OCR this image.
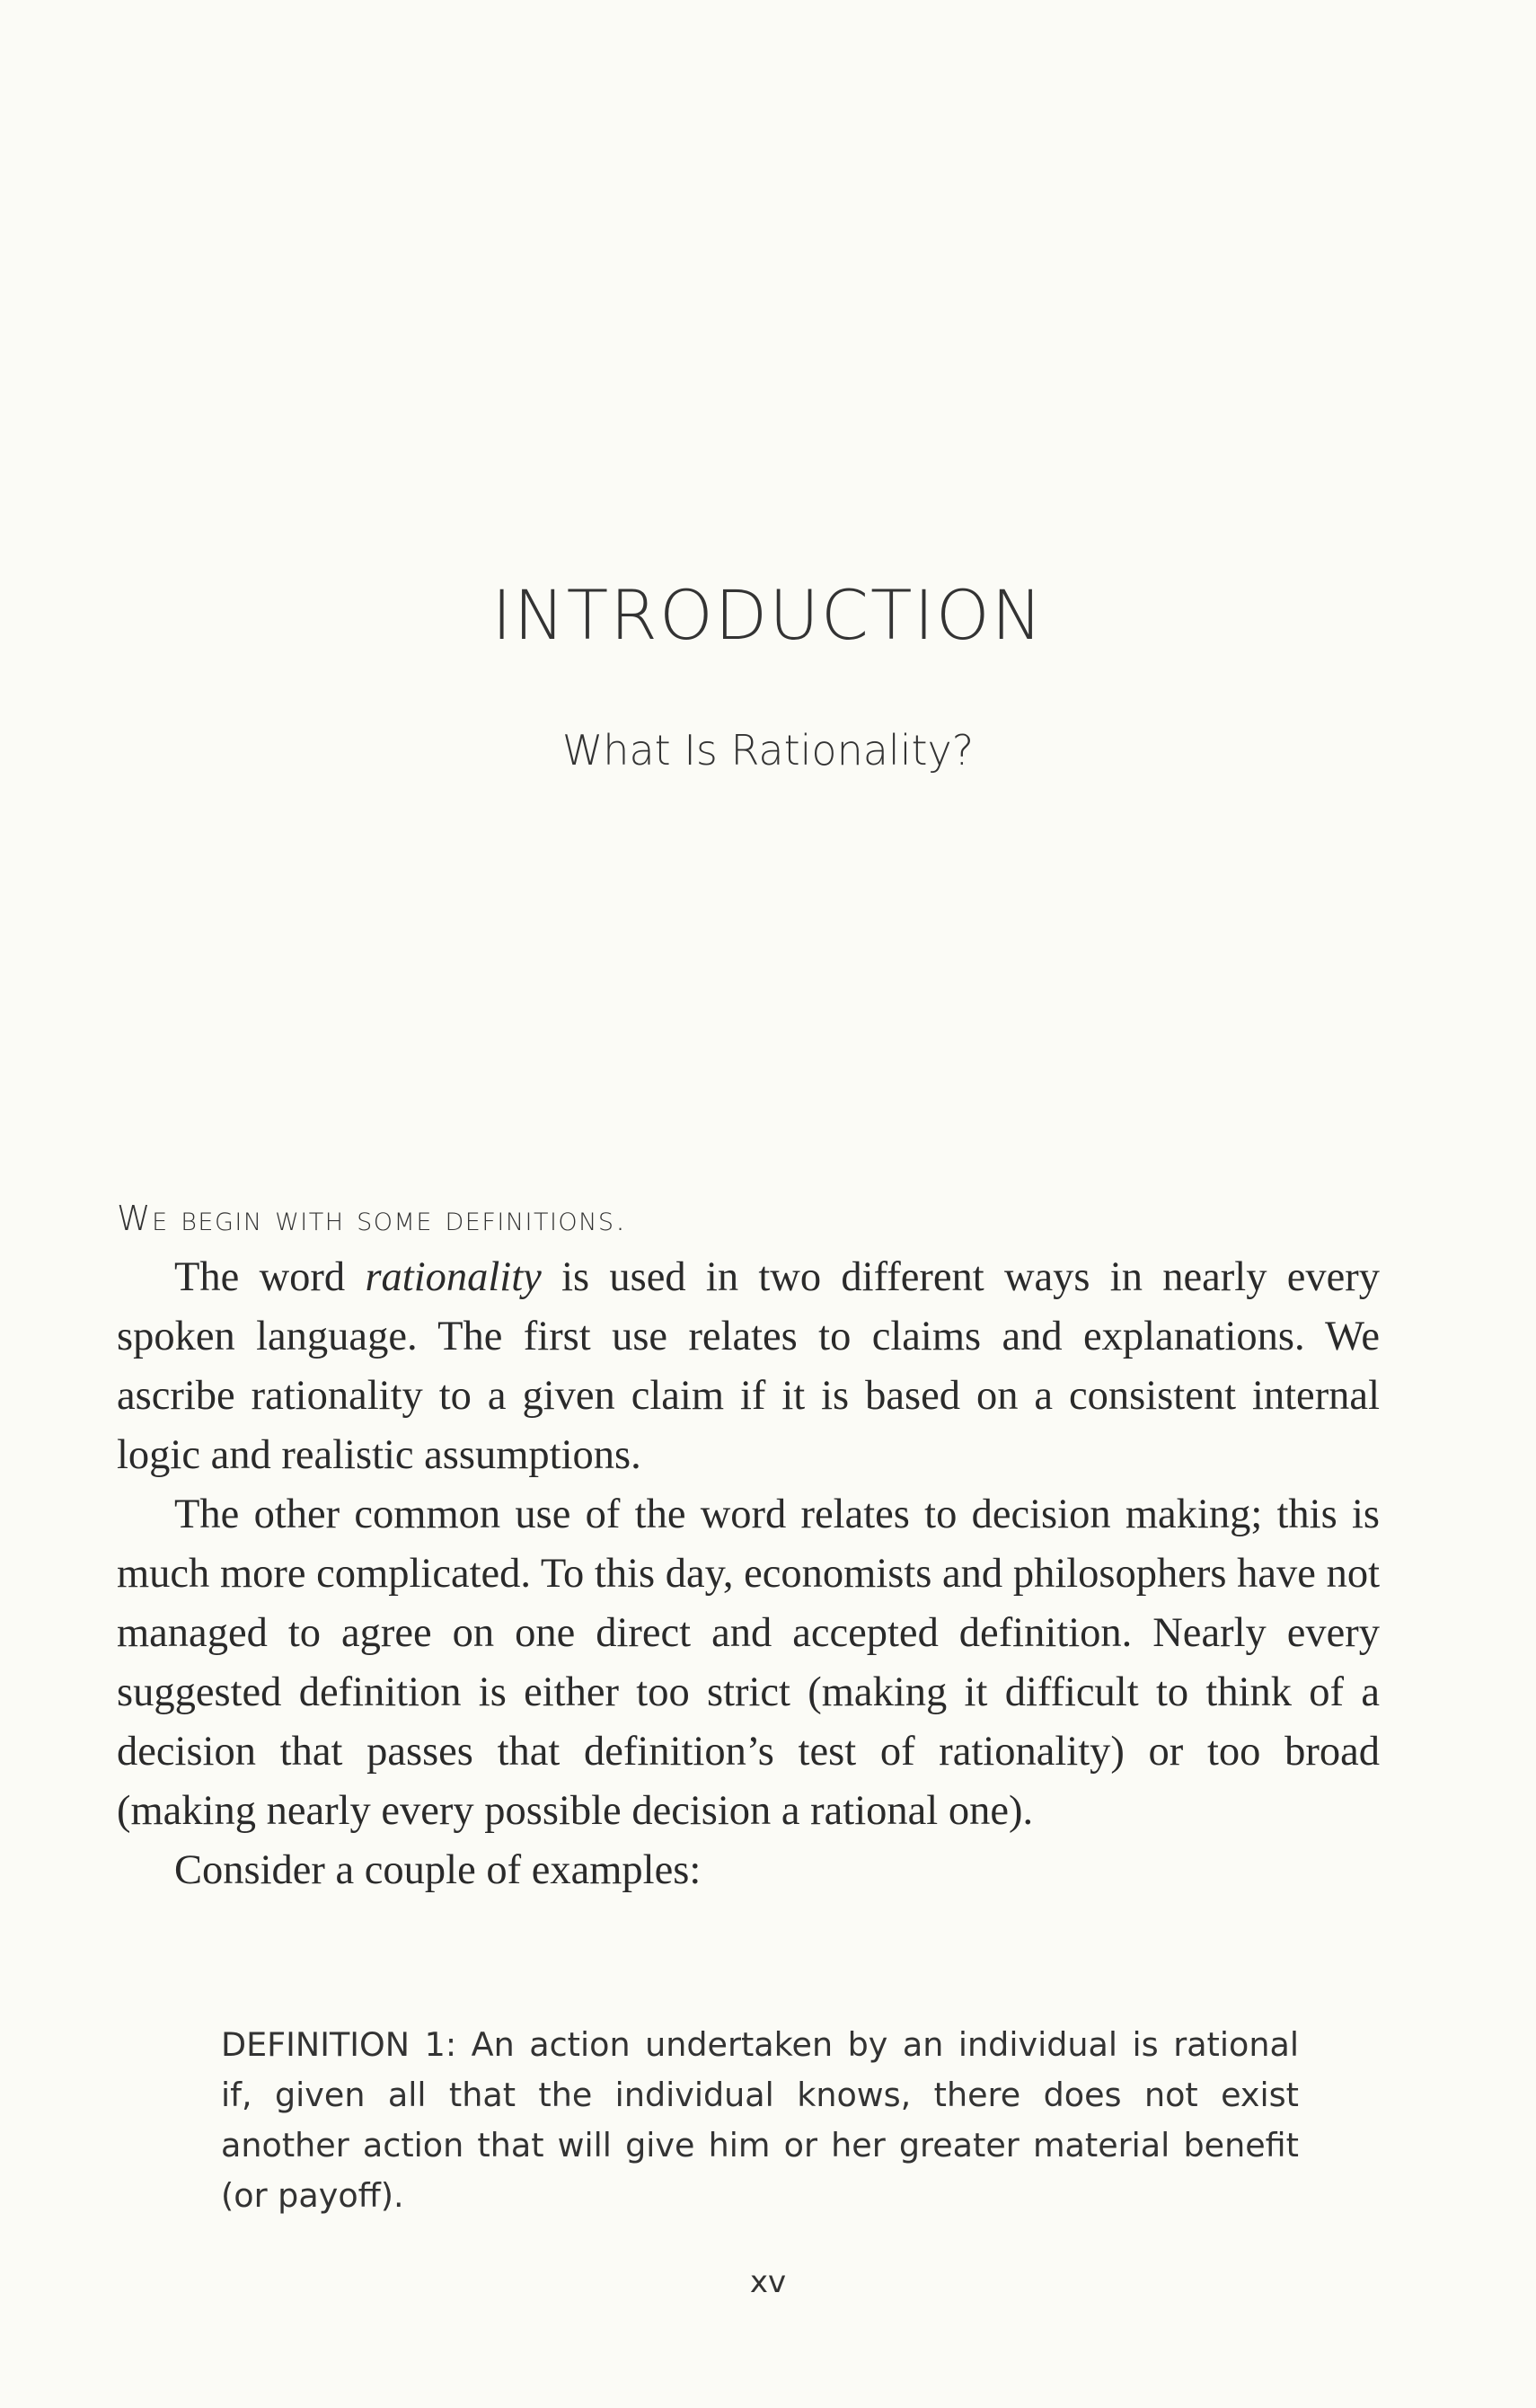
INTRODUCTION
What Is Rationality?

We begin with some definitions.

The word rationality is used in two different ways in nearly every spoken language. The first use relates to claims and explanations. We ascribe rationality to a given claim if it is based on a consistent internal logic and realistic assumptions.

The other common use of the word relates to decision making; this is much more complicated. To this day, economists and philosophers have not managed to agree on one direct and accepted definition. Nearly every suggested definition is either too strict (making it difficult to think of a decision that passes that definition’s test of rationality) or too broad (making nearly every possible decision a rational one).

Consider a couple of examples:

DEFINITION 1: An action undertaken by an individual is rational if, given all that the individual knows, there does not exist another action that will give him or her greater material benefit (or payoff).

xv
